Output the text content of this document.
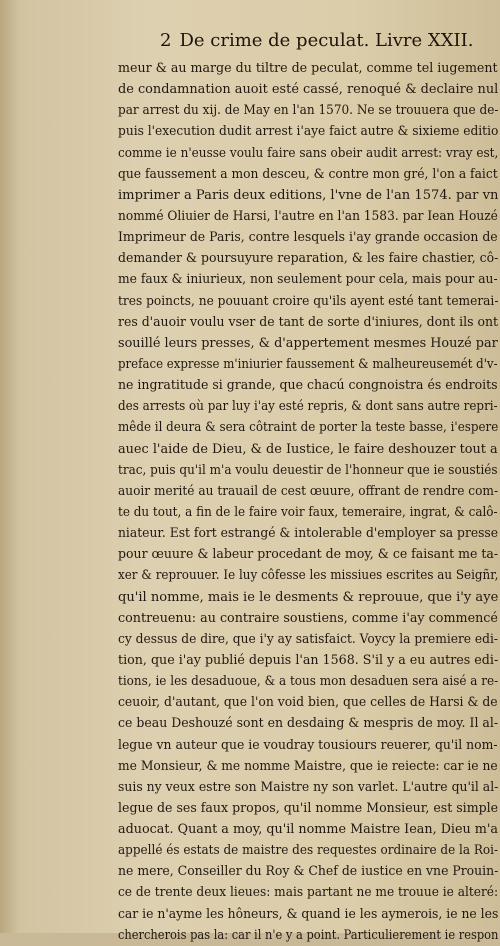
2 De crime de peculat. Livre XXII.
meur & au marge du tiltre de peculat, comme tel iugement
de condamnation auoit esté cassé, renoqué & declaire nul
par arrest du xij. de May en l'an 1570. Ne se trouuera que de-
puis l'execution dudit arrest i'aye faict autre & sixieme editio
comme ie n'eusse voulu faire sans obeir audit arrest: vray est,
que faussement a mon desceu, & contre mon gré, l'on a faict
imprimer a Paris deux editions, l'vne de l'an 1574. par vn
nommé Oliuier de Harsi, l'autre en l'an 1583. par Iean Houzé
Imprimeur de Paris, contre lesquels i'ay grande occasion de
demander & poursuyure reparation, & les faire chastier, cô-
me faux & iniurieux, non seulement pour cela, mais pour au-
tres poincts, ne pouuant croire qu'ils ayent esté tant temerai-
res d'auoir voulu vser de tant de sorte d'iniures, dont ils ont
souillé leurs presses, & d'appertement mesmes Houzé par
preface expresse m'iniurier faussement & malheureusemét d'v-
ne ingratitude si grande, que chacú congnoistra és endroits
des arrests où par luy i'ay esté repris, & dont sans autre repri-
mêde il deura & sera côtraint de porter la teste basse, i'espere
auec l'aide de Dieu, & de Iustice, le faire deshouzer tout a
trac, puis qu'il m'a voulu deuestir de l'honneur que ie soustiés
auoir merité au trauail de cest œuure, offrant de rendre com-
te du tout, a fin de le faire voir faux, temeraire, ingrat, & calô-
niateur. Est fort estrangé & intolerable d'employer sa presse
pour œuure & labeur procedant de moy, & ce faisant me ta-
xer & reprouuer. Ie luy côfesse les missiues escrites au Seigñr,
qu'il nomme, mais ie le desments & reprouue, que i'y aye
contreuenu: au contraire soustiens, comme i'ay commencé
cy dessus de dire, que i'y ay satisfaict. Voycy la premiere edi-
tion, que i'ay publié depuis l'an 1568. S'il y a eu autres edi-
tions, ie les desaduoue, & a tous mon desaduen sera aisé a re-
ceuoir, d'autant, que l'on void bien, que celles de Harsi & de
ce beau Deshouzé sont en desdaing & mespris de moy. Il al-
legue vn auteur que ie voudray tousiours reuerer, qu'il nom-
me Monsieur, & me nomme Maistre, que ie reiecte: car ie ne
suis ny veux estre son Maistre ny son varlet. L'autre qu'il al-
legue de ses faux propos, qu'il nomme Monsieur, est simple
aduocat. Quant a moy, qu'il nomme Maistre Iean, Dieu m'a
appellé és estats de maistre des requestes ordinaire de la Roi-
ne mere, Conseiller du Roy & Chef de iustice en vne Prouin-
ce de trente deux lieues: mais partant ne me trouue ie alteré:
car ie n'ayme les hôneurs, & quand ie les aymerois, ie ne les
chercherois pas la: car il n'e y a point. Particulierement ie respon
